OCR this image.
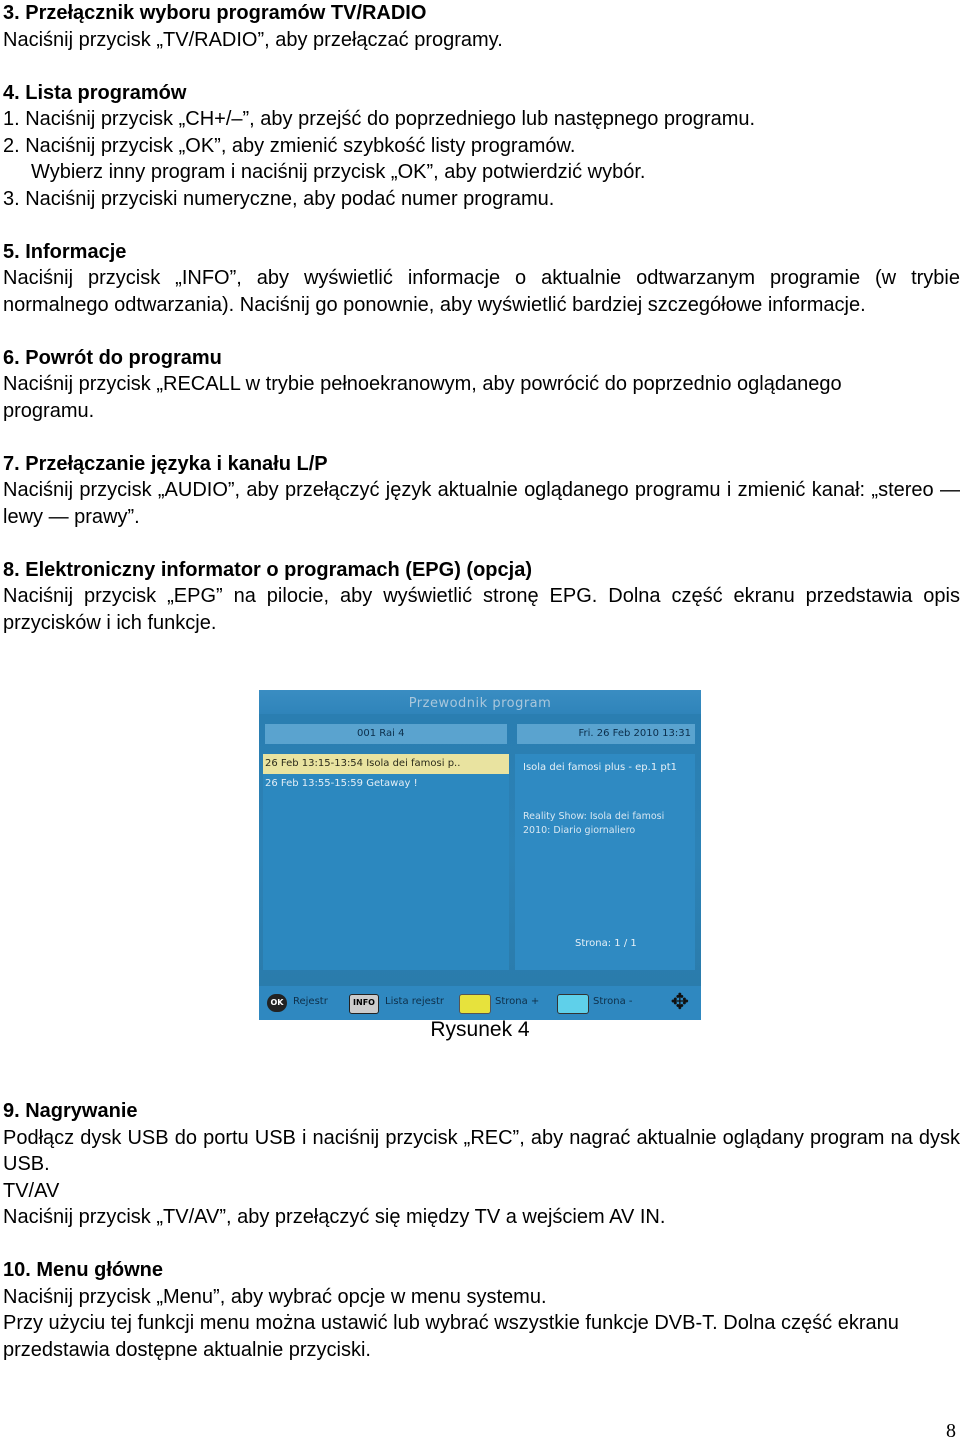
3. Przełącznik wyboru programów TV/RADIO

Naciśnij przycisk „TV/RADIO”, aby przełączać programy.

4. Lista programów

1. Naciśnij przycisk „CH+/–”, aby przejść do poprzedniego lub następnego programu.

2. Naciśnij przycisk „OK”, aby zmienić szybkość listy programów.

Wybierz inny program i naciśnij przycisk „OK”, aby potwierdzić wybór.

3. Naciśnij przyciski numeryczne, aby podać numer programu.

5. Informacje

Naciśnij przycisk „INFO”, aby wyświetlić informacje o aktualnie odtwarzanym programie (w trybie normalnego odtwarzania). Naciśnij go ponownie, aby wyświetlić bardziej szczegółowe informacje.

6. Powrót do programu

Naciśnij przycisk „RECALL w trybie pełnoekranowym, aby powrócić do poprzednio oglądanego programu.

7. Przełączanie języka i kanału L/P

Naciśnij przycisk „AUDIO”, aby przełączyć język aktualnie oglądanego programu i zmienić kanał: „stereo — lewy — prawy”.

8. Elektroniczny informator o programach (EPG) (opcja)

Naciśnij przycisk „EPG” na pilocie, aby wyświetlić stronę EPG. Dolna część ekranu przedstawia opis przycisków i ich funkcje.

Przewodnik program
001 Rai 4	Fri. 26 Feb 2010 13:31
26 Feb 13:15-13:54 Isola dei famosi p..
26 Feb 13:55-15:59 Getaway !
Isola dei famosi plus - ep.1 pt1
Reality Show: Isola dei famosi
2010: Diario giornaliero
Strona: 1 / 1
OK Rejestr	INFO	Lista rejestr	Strona +	Strona - ✥
Rysunek 4

9. Nagrywanie

Podłącz dysk USB do portu USB i naciśnij przycisk „REC”, aby nagrać aktualnie oglądany program na dysk USB.

TV/AV

Naciśnij przycisk „TV/AV”, aby przełączyć się między TV a wejściem AV IN.

10. Menu główne

Naciśnij przycisk „Menu”, aby wybrać opcje w menu systemu.

Przy użyciu tej funkcji menu można ustawić lub wybrać wszystkie funkcje DVB-T. Dolna część ekranu przedstawia dostępne aktualnie przyciski.

8
